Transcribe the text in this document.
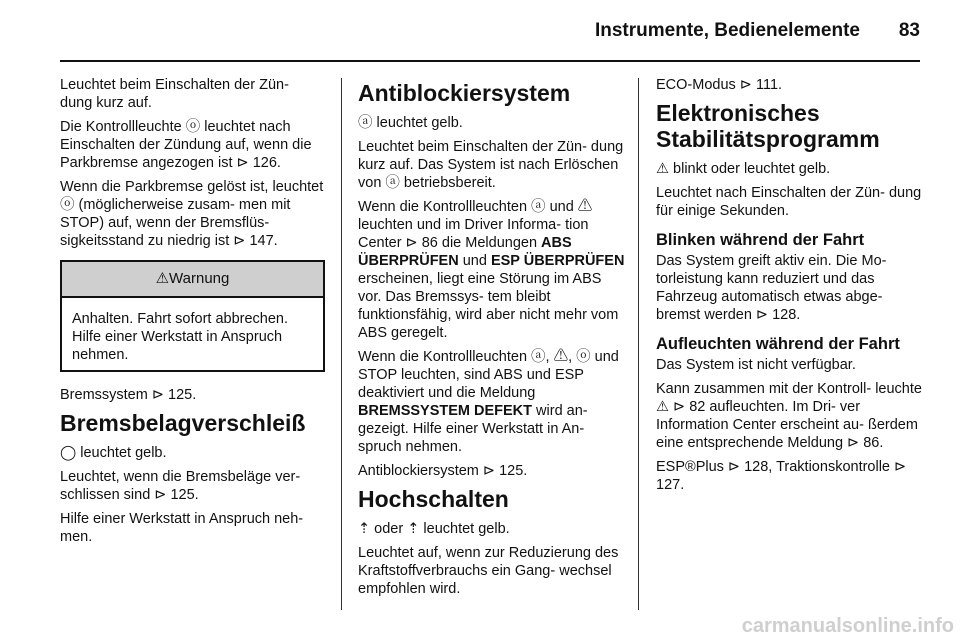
Instrumente, Bedienelemente 83

Leuchtet beim Einschalten der Zün- dung kurz auf.

Die Kontrollleuchte ⓞ leuchtet nach Einschalten der Zündung auf, wenn die Parkbremse angezogen ist ⊳ 126.

Wenn die Parkbremse gelöst ist, leuchtet ⓞ (möglicherweise zusam- men mit STOP) auf, wenn der Bremsflüs- sigkeitsstand zu niedrig ist ⊳ 147.

⚠Warnung
Anhalten. Fahrt sofort abbrechen. Hilfe einer Werkstatt in Anspruch nehmen.

Bremssystem ⊳ 125.

Bremsbelagverschleiß

◯ leuchtet gelb.

Leuchtet, wenn die Bremsbeläge ver- schlissen sind ⊳ 125.

Hilfe einer Werkstatt in Anspruch neh- men.

Antiblockiersystem

ⓐ leuchtet gelb.

Leuchtet beim Einschalten der Zün- dung kurz auf. Das System ist nach Erlöschen von ⓐ betriebsbereit.

Wenn die Kontrollleuchten ⓐ und ⚠ leuchten und im Driver Informa- tion Center ⊳ 86 die Meldungen ABS ÜBERPRÜFEN und ESP ÜBERPRÜFEN erscheinen, liegt eine Störung im ABS vor. Das Bremssys- tem bleibt funktionsfähig, wird aber nicht mehr vom ABS geregelt.

Wenn die Kontrollleuchten ⓐ, ⚠, ⓞ und STOP leuchten, sind ABS und ESP deaktiviert und die Meldung BREMSSYSTEM DEFEKT wird an- gezeigt. Hilfe einer Werkstatt in An- spruch nehmen.

Antiblockiersystem ⊳ 125.

Hochschalten

⇡ oder ⇡ leuchtet gelb.

Leuchtet auf, wenn zur Reduzierung des Kraftstoffverbrauchs ein Gang- wechsel empfohlen wird.

ECO-Modus ⊳ 111.

Elektronisches Stabilitätsprogramm

⚠ blinkt oder leuchtet gelb.

Leuchtet nach Einschalten der Zün- dung für einige Sekunden.

Blinken während der Fahrt

Das System greift aktiv ein. Die Mo- torleistung kann reduziert und das Fahrzeug automatisch etwas abge- bremst werden ⊳ 128.

Aufleuchten während der Fahrt

Das System ist nicht verfügbar.

Kann zusammen mit der Kontroll- leuchte ⚠ ⊳ 82 aufleuchten. Im Dri- ver Information Center erscheint au- ßerdem eine entsprechende Meldung ⊳ 86.

ESP®Plus ⊳ 128, Traktionskontrolle ⊳ 127.

carmanualsonline.info
